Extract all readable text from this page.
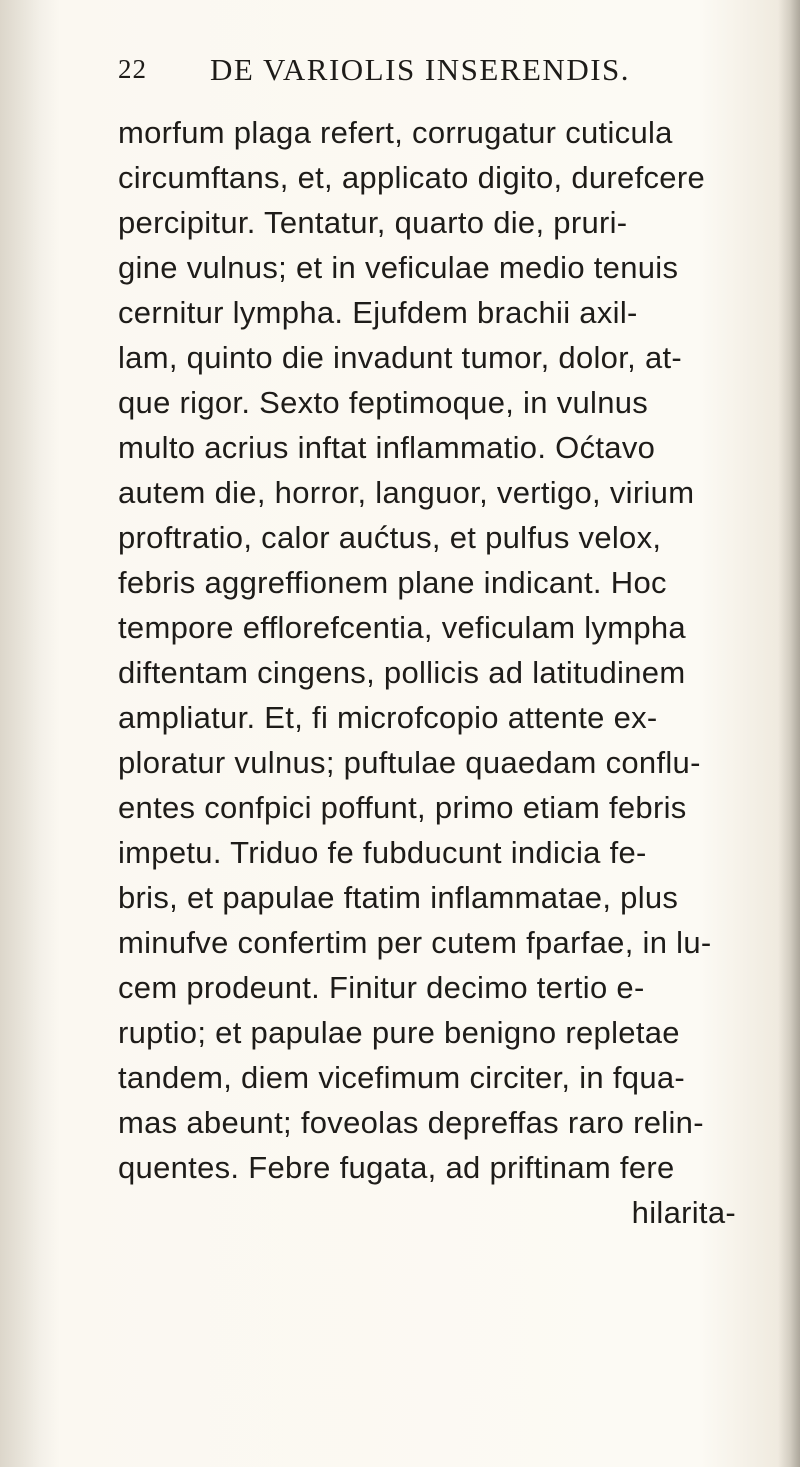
22 DE VARIOLIS INSERENDIS.
morfum plaga refert, corrugatur cuticula
circumftans, et, applicato digito, durefcere
percipitur. Tentatur, quarto die, pruri-
gine vulnus; et in veficulae medio tenuis
cernitur lympha. Ejufdem brachii axil-
lam, quinto die invadunt tumor, dolor, at-
que rigor. Sexto feptimoque, in vulnus
multo acrius inftat inflammatio. Oćtavo
autem die, horror, languor, vertigo, virium
proftratio, calor aućtus, et pulfus velox,
febris aggreffionem plane indicant. Hoc
tempore efflorefcentia, veficulam lympha
diftentam cingens, pollicis ad latitudinem
ampliatur. Et, fi microfcopio attente ex-
ploratur vulnus; puftulae quaedam conflu-
entes confpici poffunt, primo etiam febris
impetu. Triduo fe fubducunt indicia fe-
bris, et papulae ftatim inflammatae, plus
minufve confertim per cutem fparfae, in lu-
cem prodeunt. Finitur decimo tertio e-
ruptio; et papulae pure benigno repletae
tandem, diem vicefimum circiter, in fqua-
mas abeunt; foveolas depreffas raro relin-
quentes. Febre fugata, ad priftinam fere
hilarita-
